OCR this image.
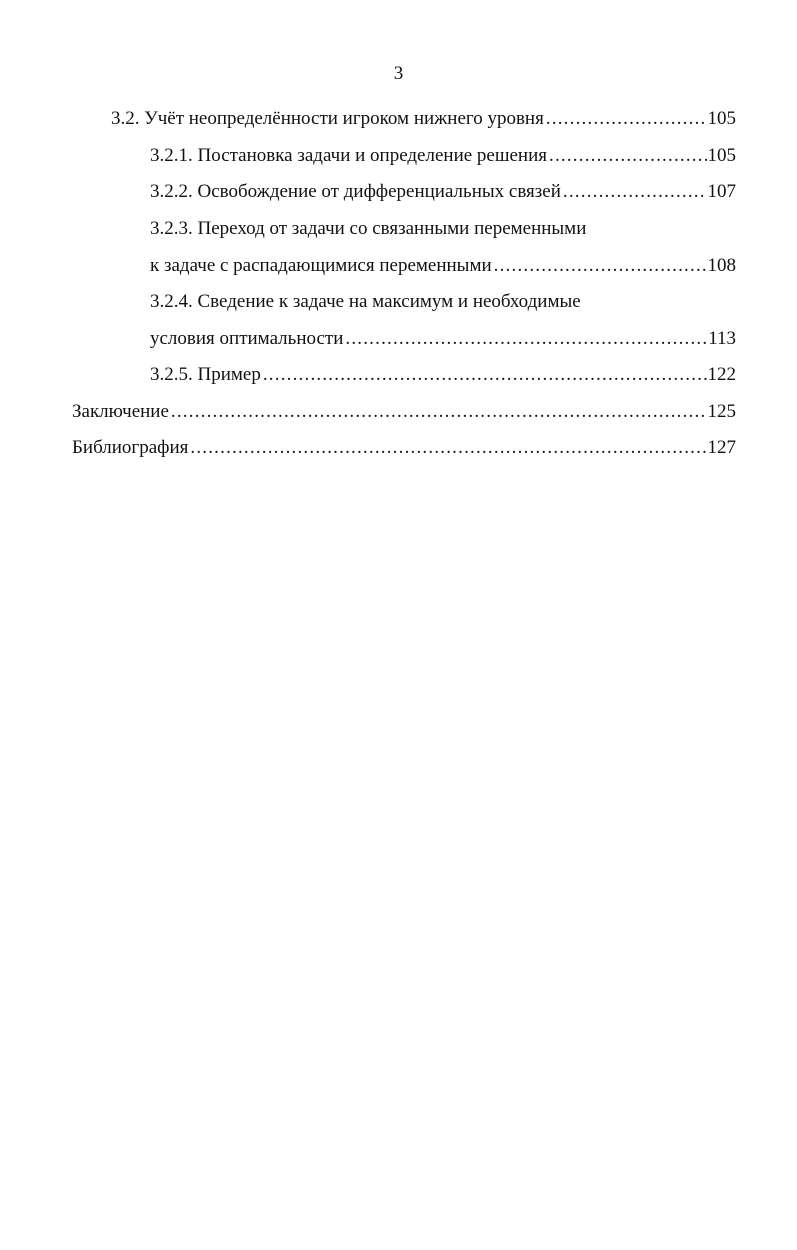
3
3.2. Учёт неопределённости игроком нижнего уровня .....	105
3.2.1. Постановка задачи и определение решения .....	105
3.2.2. Освобождение от дифференциальных связей .....	107
3.2.3. Переход от задачи со связанными переменными
к задаче с распадающимися переменными .....	108
3.2.4. Сведение к задаче на максимум и необходимые
условия оптимальности .....	113
3.2.5. Пример .....	122
Заключение .....	125
Библиография .....	127
